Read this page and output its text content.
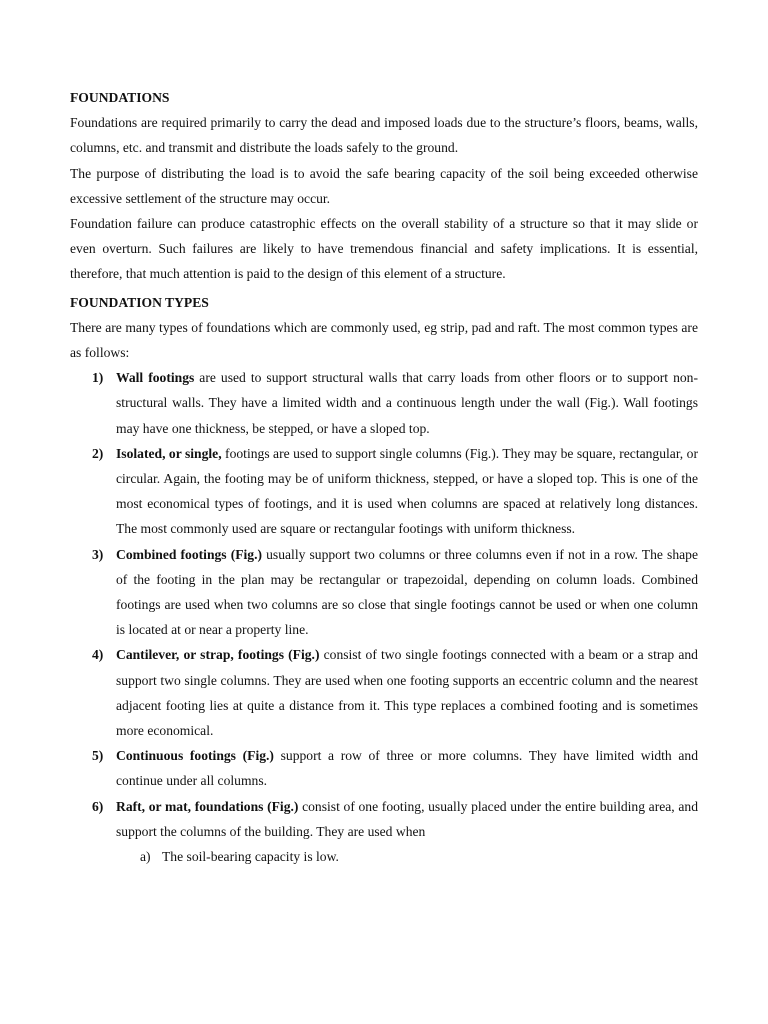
FOUNDATIONS

Foundations are required primarily to carry the dead and imposed loads due to the structure’s floors, beams, walls, columns, etc. and transmit and distribute the loads safely to the ground.

The purpose of distributing the load is to avoid the safe bearing capacity of the soil being exceeded otherwise excessive settlement of the structure may occur.

Foundation failure can produce catastrophic effects on the overall stability of a structure so that it may slide or even overturn. Such failures are likely to have tremendous financial and safety implications. It is essential, therefore, that much attention is paid to the design of this element of a structure.

FOUNDATION TYPES

There are many types of foundations which are commonly used, eg strip, pad and raft. The most common types are as follows:

1) Wall footings are used to support structural walls that carry loads from other floors or to support non-structural walls. They have a limited width and a continuous length under the wall (Fig.). Wall footings may have one thickness, be stepped, or have a sloped top.
2) Isolated, or single, footings are used to support single columns (Fig.). They may be square, rectangular, or circular. Again, the footing may be of uniform thickness, stepped, or have a sloped top. This is one of the most economical types of footings, and it is used when columns are spaced at relatively long distances. The most commonly used are square or rectangular footings with uniform thickness.
3) Combined footings (Fig.) usually support two columns or three columns even if not in a row. The shape of the footing in the plan may be rectangular or trapezoidal, depending on column loads. Combined footings are used when two columns are so close that single footings cannot be used or when one column is located at or near a property line.
4) Cantilever, or strap, footings (Fig.) consist of two single footings connected with a beam or a strap and support two single columns. They are used when one footing supports an eccentric column and the nearest adjacent footing lies at quite a distance from it. This type replaces a combined footing and is sometimes more economical.
5) Continuous footings (Fig.) support a row of three or more columns. They have limited width and continue under all columns.
6) Raft, or mat, foundations (Fig.) consist of one footing, usually placed under the entire building area, and support the columns of the building. They are used when
a) The soil-bearing capacity is low.
